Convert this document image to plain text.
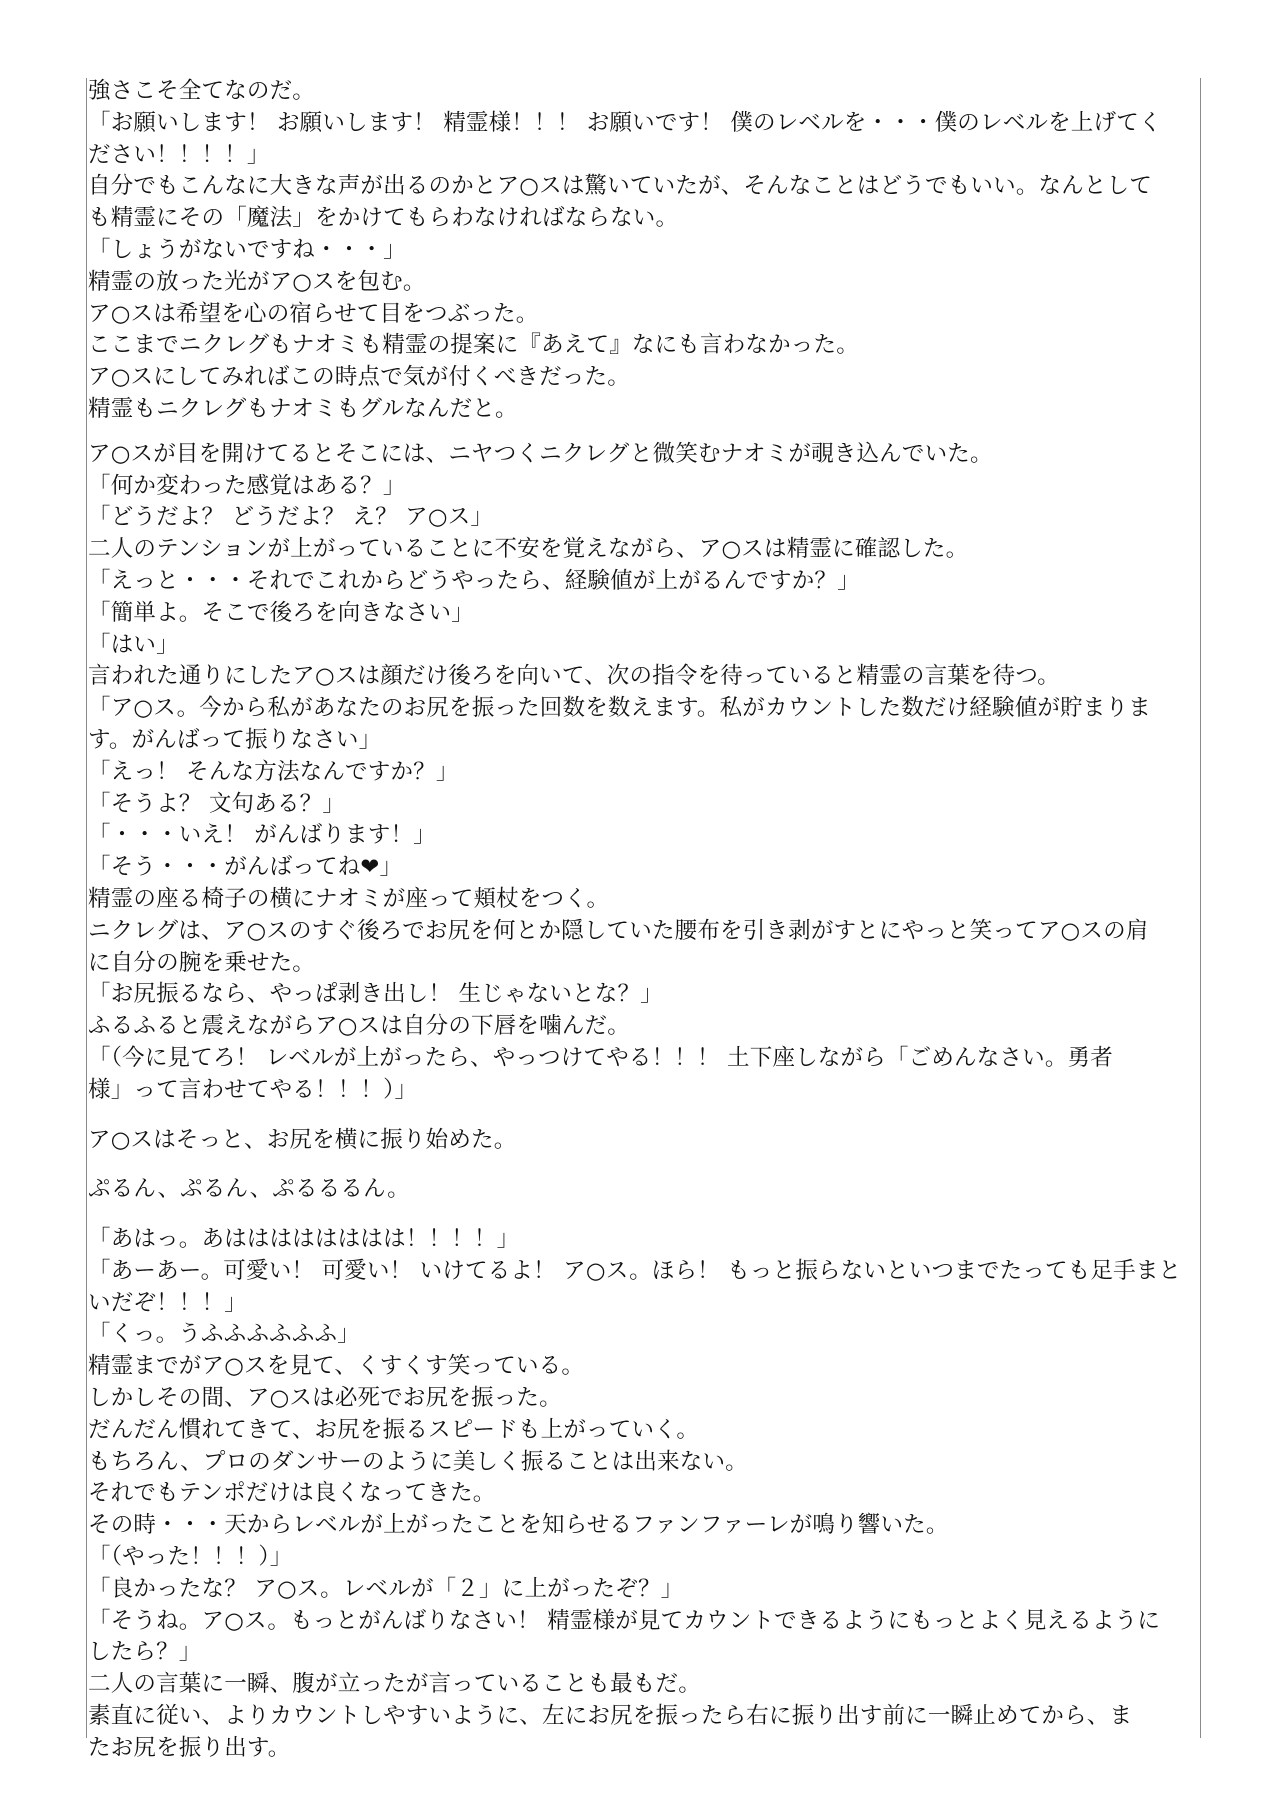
強さこそ全てなのだ。
「お願いします！ お願いします！ 精霊様！！！ お願いです！ 僕のレベルを・・・僕のレベルを上げてく
ださい！！！！」
自分でもこんなに大きな声が出るのかとア○スは驚いていたが、そんなことはどうでもいい。なんとして
も精霊にその「魔法」をかけてもらわなければならない。
「しょうがないですね・・・」
精霊の放った光がア○スを包む。
ア○スは希望を心の宿らせて目をつぶった。
ここまでニクレグもナオミも精霊の提案に『あえて』なにも言わなかった。
ア○スにしてみればこの時点で気が付くべきだった。
精霊もニクレグもナオミもグルなんだと。
ア○スが目を開けてるとそこには、ニヤつくニクレグと微笑むナオミが覗き込んでいた。
「何か変わった感覚はある？」
「どうだよ？ どうだよ？ え？ ア○ス」
二人のテンションが上がっていることに不安を覚えながら、ア○スは精霊に確認した。
「えっと・・・それでこれからどうやったら、経験値が上がるんですか？」
「簡単よ。そこで後ろを向きなさい」
「はい」
言われた通りにしたア○スは顔だけ後ろを向いて、次の指令を待っていると精霊の言葉を待つ。
「ア○ス。今から私があなたのお尻を振った回数を数えます。私がカウントした数だけ経験値が貯まりま
す。がんばって振りなさい」
「えっ！ そんな方法なんですか？」
「そうよ？ 文句ある？」
「・・・いえ！ がんばります！」
「そう・・・がんばってね❤」
精霊の座る椅子の横にナオミが座って頬杖をつく。
ニクレグは、ア○スのすぐ後ろでお尻を何とか隠していた腰布を引き剥がすとにやっと笑ってア○スの肩
に自分の腕を乗せた。
「お尻振るなら、やっぱ剥き出し！ 生じゃないとな？」
ふるふると震えながらア○スは自分の下唇を噛んだ。
「（今に見てろ！ レベルが上がったら、やっつけてやる！！！ 土下座しながら「ごめんなさい。勇者
様」って言わせてやる！！！）」
ア○スはそっと、お尻を横に振り始めた。
ぷるん、ぷるん、ぷるるるん。
「あはっ。あはははははははは！！！！」
「あーあー。可愛い！ 可愛い！ いけてるよ！ ア○ス。ほら！ もっと振らないといつまでたっても足手まと
いだぞ！！！」
「くっ。うふふふふふふ」
精霊までがア○スを見て、くすくす笑っている。
しかしその間、ア○スは必死でお尻を振った。
だんだん慣れてきて、お尻を振るスピードも上がっていく。
もちろん、プロのダンサーのように美しく振ることは出来ない。
それでもテンポだけは良くなってきた。
その時・・・天からレベルが上がったことを知らせるファンファーレが鳴り響いた。
「（やった！！！）」
「良かったな？ ア○ス。レベルが「２」に上がったぞ？」
「そうね。ア○ス。もっとがんばりなさい！ 精霊様が見てカウントできるようにもっとよく見えるように
したら？」
二人の言葉に一瞬、腹が立ったが言っていることも最もだ。
素直に従い、よりカウントしやすいように、左にお尻を振ったら右に振り出す前に一瞬止めてから、ま
たお尻を振り出す。
